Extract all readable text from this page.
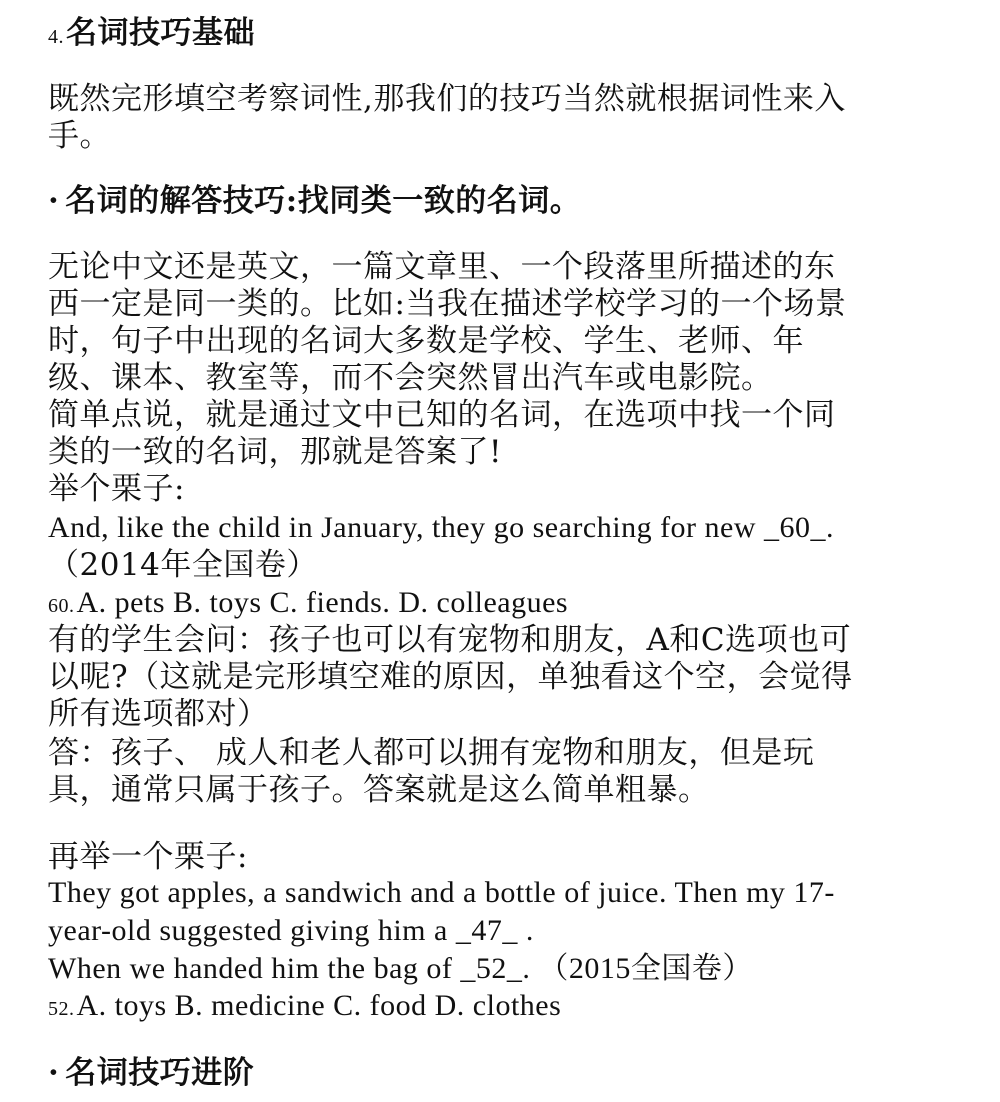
4.名词技巧基础
既然完形填空考察词性,那我们的技巧当然就根据词性来入
手。
· 名词的解答技巧:找同类一致的名词。
无论中文还是英文，一篇文章里、一个段落里所描述的东
西一定是同一类的。比如:当我在描述学校学习的一个场景
时，句子中出现的名词大多数是学校、学生、老师、年
级、课本、教室等，而不会突然冒出汽车或电影院。
简单点说，就是通过文中已知的名词，在选项中找一个同
类的一致的名词，那就是答案了!
举个栗子:
And, like the child in January, they go searching for new _60_.
（2014年全国卷）
60.A. pets B. toys C. fiends. D. colleagues
有的学生会问：孩子也可以有宠物和朋友，A和C选项也可
以呢?（这就是完形填空难的原因，单独看这个空，会觉得
所有选项都对）
答：孩子、 成人和老人都可以拥有宠物和朋友，但是玩
具，通常只属于孩子。答案就是这么简单粗暴。
再举一个栗子:
They got apples, a sandwich and a bottle of juice. Then my 17-
year-old suggested giving him a _47_ .
When we handed him the bag of _52_. （2015全国卷）
52.A. toys B. medicine C. food D. clothes
· 名词技巧进阶
